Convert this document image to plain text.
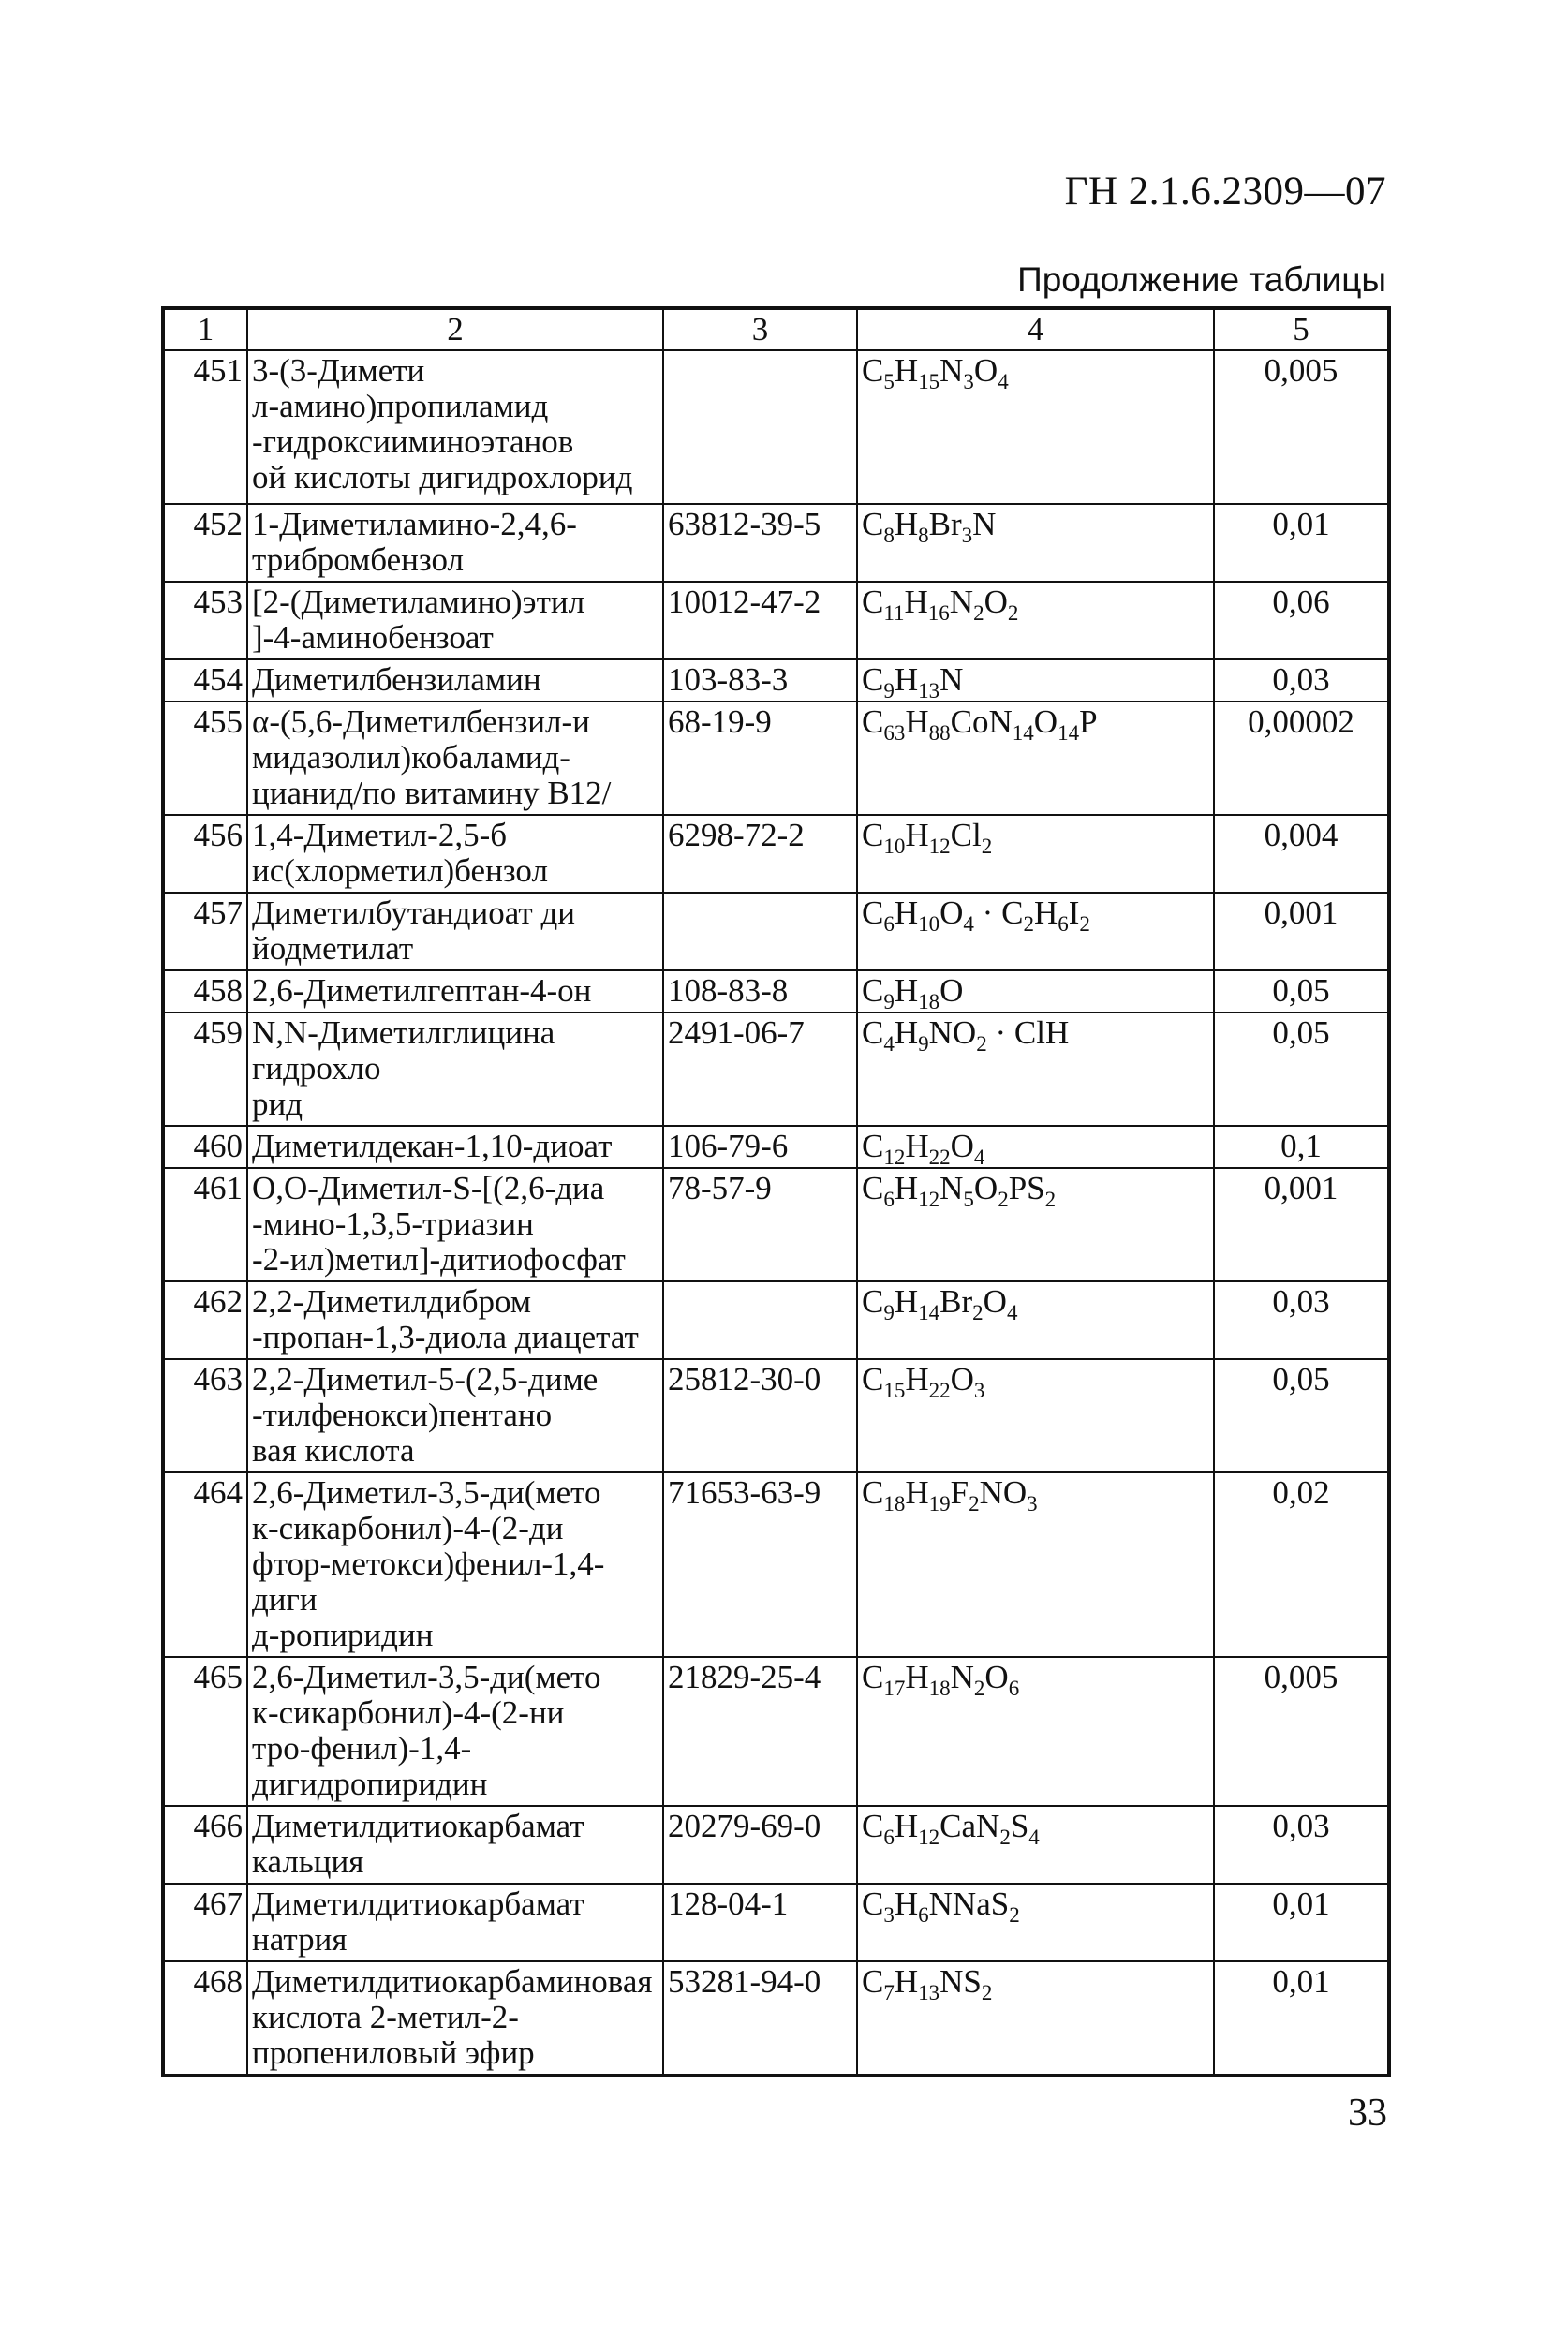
ГН 2.1.6.2309—07
Продолжение таблицы
1	2	3	4	5
451	3-(3-Димети
л-амино)пропиламид
-гидроксииминоэтанов
ой кислоты дигидрохлорид		$C_5H_{15}N_3O_4$	0,005
452	1-Диметиламино-2,4,6-
трибромбензол	63812-39-5	$C_8H_8Br_3N$	0,01
453	[2-(Диметиламино)этил
]-4-аминобензоат	10012-47-2	$C_{11}H_{16}N_2O_2$	0,06
454	Диметилбензиламин	103-83-3	$C_9H_{13}N$	0,03
455	α-(5,6-Диметилбензил-и
мидазолил)кобаламид-
цианид/по витамину B12/	68-19-9	$C_{63}H_{88}CoN_{14}O_{14}P$	0,00002
456	1,4-Диметил-2,5-б
ис(хлорметил)бензол	6298-72-2	$C_{10}H_{12}Cl_2$	0,004
457	Диметилбутандиоат ди
йодметилат		$C_6H_{10}O_4 \cdot C_2H_6I_2$	0,001
458	2,6-Диметилгептан-4-он	108-83-8	$C_9H_{18}O$	0,05
459	N,N-Диметилглицина гидрохло
рид	2491-06-7	$C_4H_9NO_2$ · ClH	0,05
460	Диметилдекан-1,10-диоат	106-79-6	$C_{12}H_{22}O_4$	0,1
461	O,O-Диметил-S-[(2,6-диа
-мино-1,3,5-триазин
-2-ил)метил]-дитиофосфат	78-57-9	$C_6H_{12}N_5O_2PS_2$	0,001
462	2,2-Диметилдибром
-пропан-1,3-диола диацетат		$C_9H_{14}Br_2O_4$	0,03
463	2,2-Диметил-5-(2,5-диме
-тилфенокси)пентано
вая кислота	25812-30-0	$C_{15}H_{22}O_3$	0,05
464	2,6-Диметил-3,5-ди(мето
к-сикарбонил)-4-(2-ди
фтор-метокси)фенил-1,4-диги
д-ропиридин	71653-63-9	$C_{18}H_{19}F_2NO_3$	0,02
465	2,6-Диметил-3,5-ди(мето
к-сикарбонил)-4-(2-ни
тро-фенил)-1,4-дигидропиридин	21829-25-4	$C_{17}H_{18}N_2O_6$	0,005
466	Диметилдитиокарбамат кальция	20279-69-0	$C_6H_{12}CaN_2S_4$	0,03
467	Диметилдитиокарбамат натрия	128-04-1	$C_3H_6NNaS_2$	0,01
468	Диметилдитиокарбаминовая кислота 2-метил-2-пропениловый эфир	53281-94-0	$C_7H_{13}NS_2$	0,01
33
